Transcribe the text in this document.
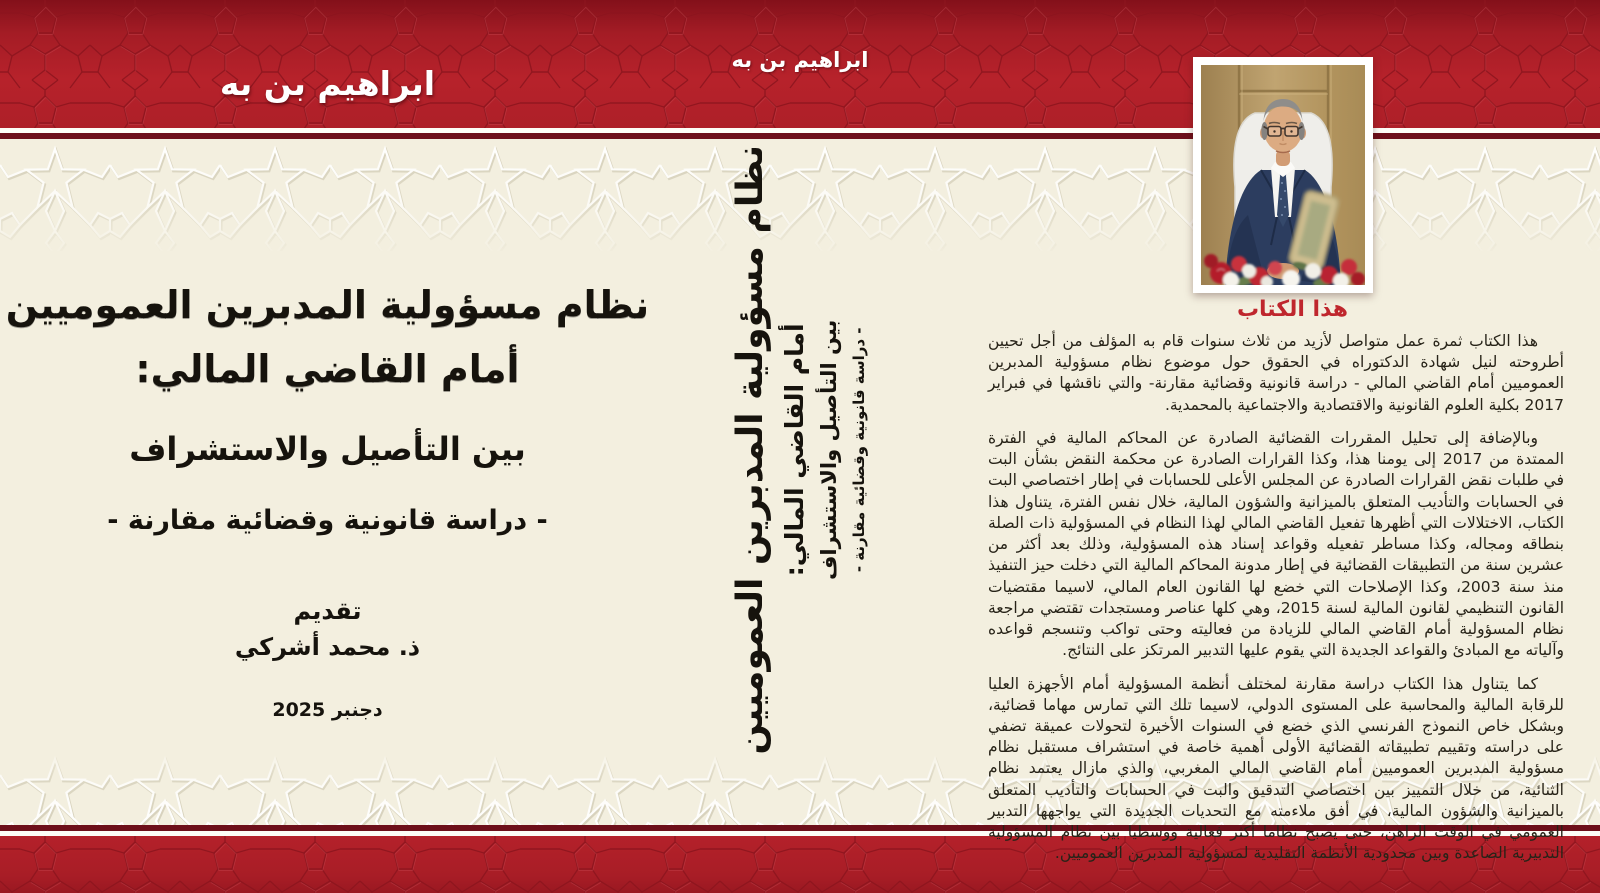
ابراهيم بن به
نظام مسؤولية المدبرين العموميين
أمام القاضي المالي:
بين التأصيل والاستشراف
- دراسة قانونية وقضائية مقارنة -
تقديم
ذ. محمد أشركي
دجنبر 2025
ابراهيم بن به
نظام مسؤولية المدبرين العموميين أمام القاضي المالي: بين التأصيل والاستشراف - دراسة قانونية وقضائية مقارنة -
هذا الكتاب

هذا الكتاب ثمرة عمل متواصل لأزيد من ثلاث سنوات قام به المؤلف من أجل تحيين أطروحته لنيل شهادة الدكتوراه في الحقوق حول موضوع نظام مسؤولية المدبرين العموميين أمام القاضي المالي - دراسة قانونية وقضائية مقارنة- والتي ناقشها في فبراير 2017 بكلية العلوم القانونية والاقتصادية والاجتماعية بالمحمدية.

وبالإضافة إلى تحليل المقررات القضائية الصادرة عن المحاكم المالية في الفترة الممتدة من 2017 إلى يومنا هذا، وكذا القرارات الصادرة عن محكمة النقض بشأن البت في طلبات نقض القرارات الصادرة عن المجلس الأعلى للحسابات في إطار اختصاصي البت في الحسابات والتأديب المتعلق بالميزانية والشؤون المالية، خلال نفس الفترة، يتناول هذا الكتاب، الاختلالات التي أظهرها تفعيل القاضي المالي لهذا النظام في المسؤولية ذات الصلة بنطاقه ومجاله، وكذا مساطر تفعيله وقواعد إسناد هذه المسؤولية، وذلك بعد أكثر من عشرين سنة من التطبيقات القضائية في إطار مدونة المحاكم المالية التي دخلت حيز التنفيذ منذ سنة 2003، وكذا الإصلاحات التي خضع لها القانون العام المالي، لاسيما مقتضيات القانون التنظيمي لقانون المالية لسنة 2015، وهي كلها عناصر ومستجدات تقتضي مراجعة نظام المسؤولية أمام القاضي المالي للزيادة من فعاليته وحتى تواكب وتنسجم قواعده وآلياته مع المبادئ والقواعد الجديدة التي يقوم عليها التدبير المرتكز على النتائج.

كما يتناول هذا الكتاب دراسة مقارنة لمختلف أنظمة المسؤولية أمام الأجهزة العليا للرقابة المالية والمحاسبة على المستوى الدولي، لاسيما تلك التي تمارس مهاما قضائية، وبشكل خاص النموذج الفرنسي الذي خضع في السنوات الأخيرة لتحولات عميقة تضفي على دراسته وتقييم تطبيقاته القضائية الأولى أهمية خاصة في استشراف مستقبل نظام مسؤولية المدبرين العموميين أمام القاضي المالي المغربي، والذي مازال يعتمد نظام الثنائية، من خلال التمييز بين اختصاصي التدقيق والبت في الحسابات والتأديب المتعلق بالميزانية والشؤون المالية، في أفق ملاءمته مع التحديات الجديدة التي يواجهها التدبير العمومي في الوقت الراهن، حتى يصبح نظاما أكثر فعالية ووسطيا بين نظام المسؤولية التدبيرية الصاعدة وبين محدودية الأنظمة التقليدية لمسؤولية المدبرين العموميين.
